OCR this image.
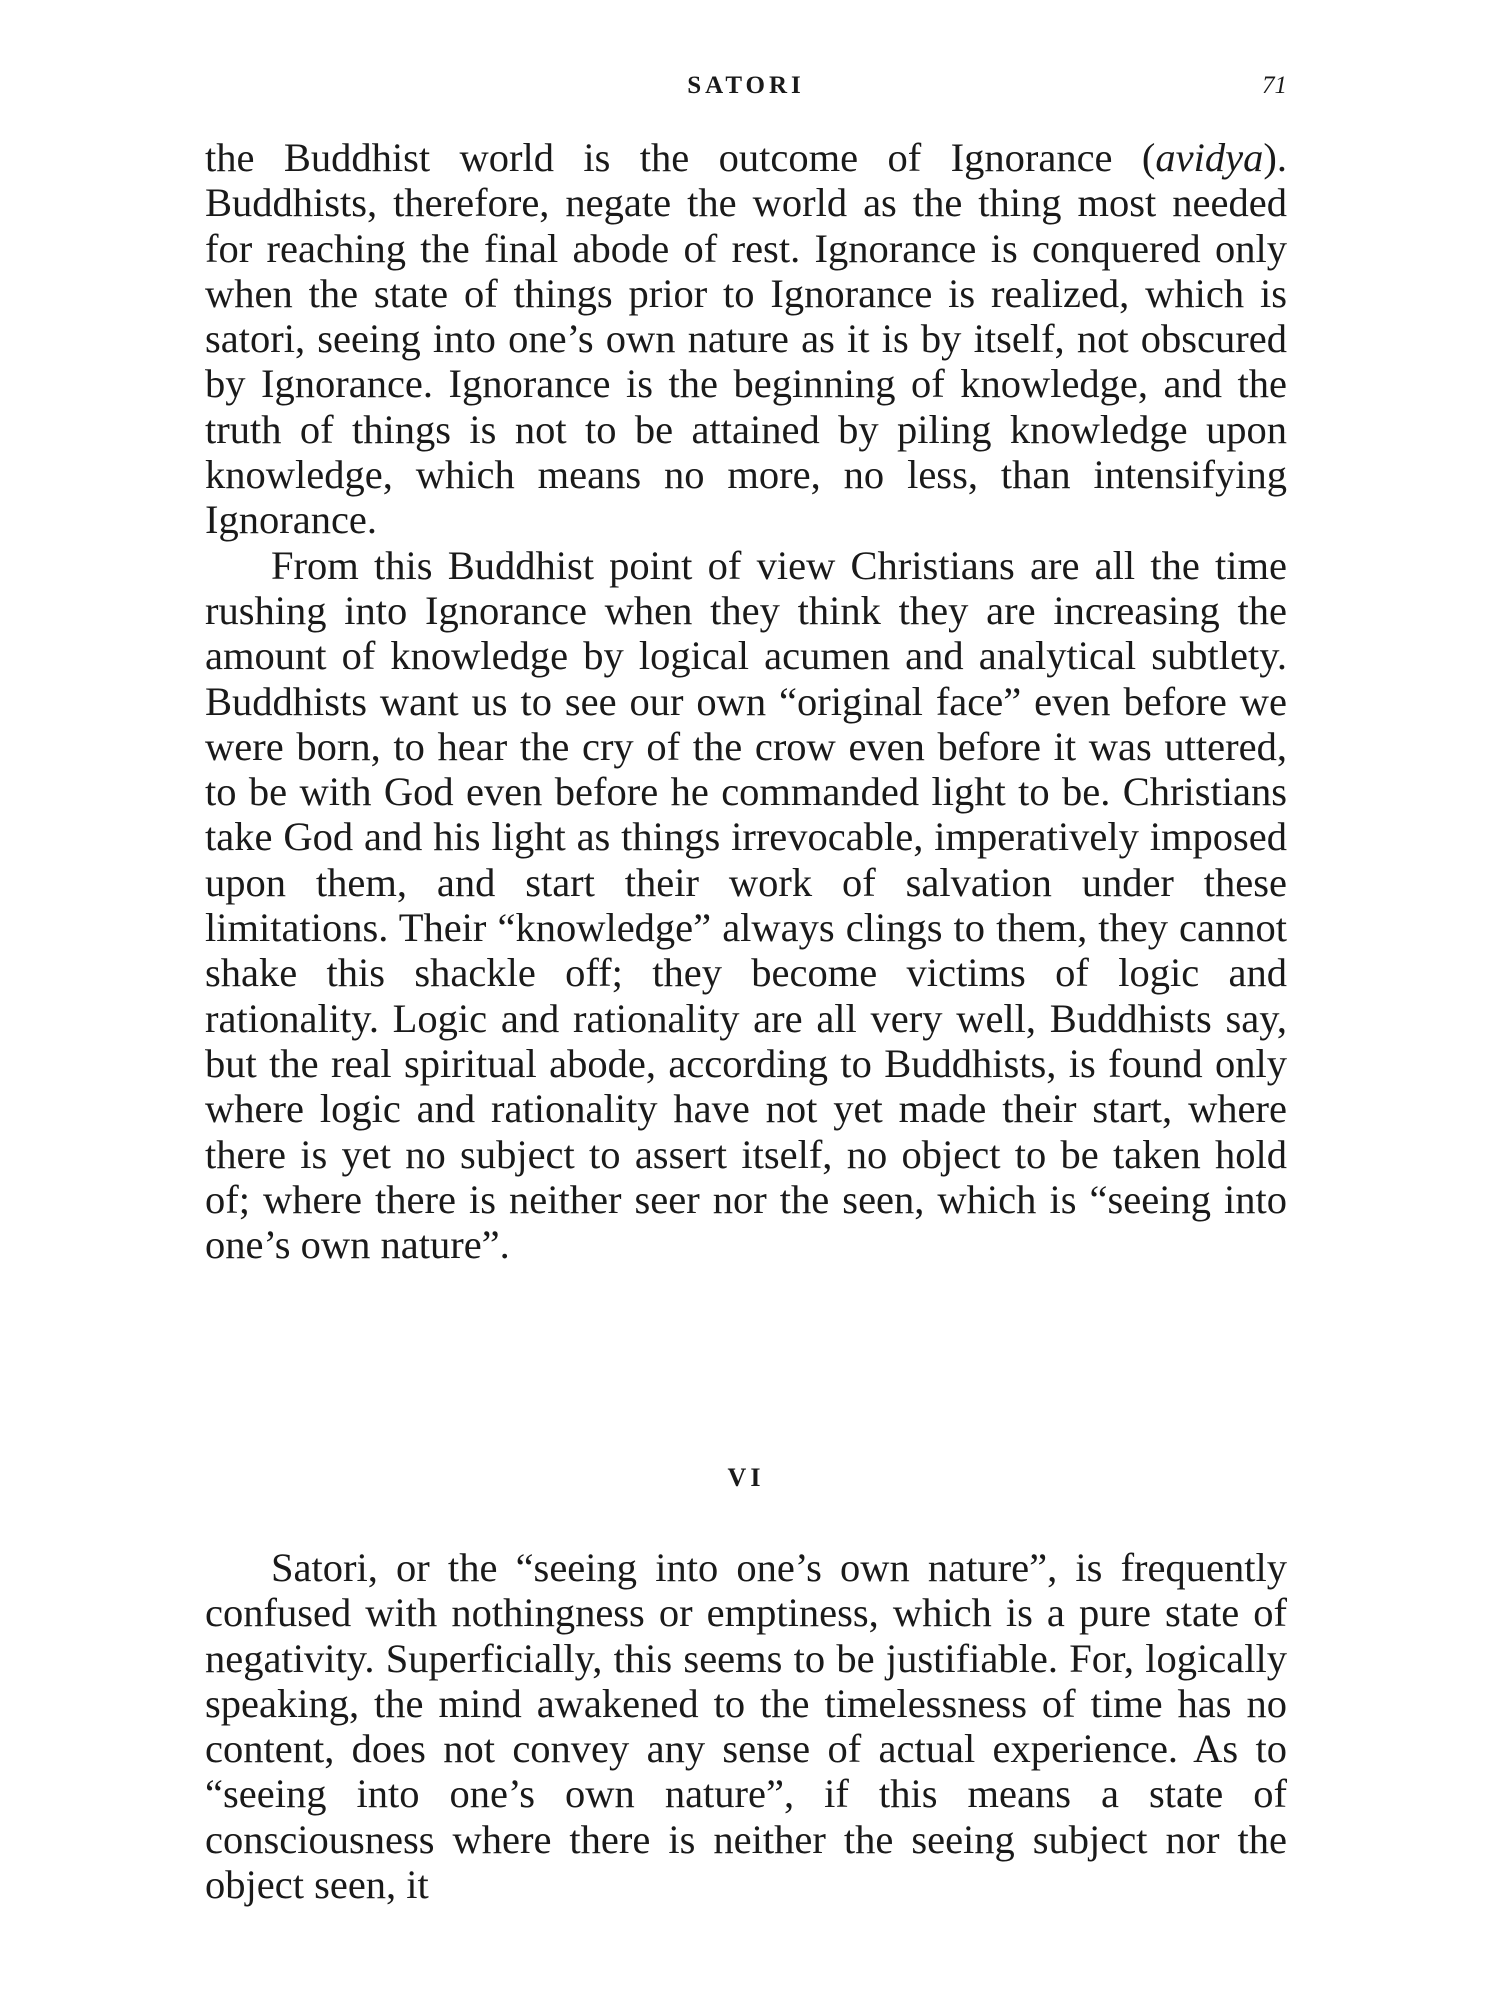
SATORI	71

the Buddhist world is the outcome of Ignorance (avidya). Buddhists, therefore, negate the world as the thing most needed for reaching the final abode of rest. Ignorance is conquered only when the state of things prior to Ignorance is realized, which is satori, seeing into one’s own nature as it is by itself, not obscured by Ignorance. Ignorance is the beginning of knowledge, and the truth of things is not to be attained by piling knowledge upon knowledge, which means no more, no less, than intensifying Ignorance.

From this Buddhist point of view Christians are all the time rushing into Ignorance when they think they are increasing the amount of knowledge by logical acumen and analytical subtlety. Buddhists want us to see our own “original face” even before we were born, to hear the cry of the crow even before it was uttered, to be with God even before he commanded light to be. Christians take God and his light as things irrevocable, imperatively imposed upon them, and start their work of salvation under these limitations. Their “knowledge” always clings to them, they cannot shake this shackle off; they become victims of logic and rationality. Logic and rationality are all very well, Buddhists say, but the real spiritual abode, according to Buddhists, is found only where logic and rationality have not yet made their start, where there is yet no subject to assert itself, no object to be taken hold of; where there is neither seer nor the seen, which is “seeing into one’s own nature”.

VI

Satori, or the “seeing into one’s own nature”, is frequently confused with nothingness or emptiness, which is a pure state of negativity. Superficially, this seems to be justifiable. For, logically speaking, the mind awakened to the timelessness of time has no content, does not convey any sense of actual experience. As to “seeing into one’s own nature”, if this means a state of consciousness where there is neither the seeing subject nor the object seen, it
